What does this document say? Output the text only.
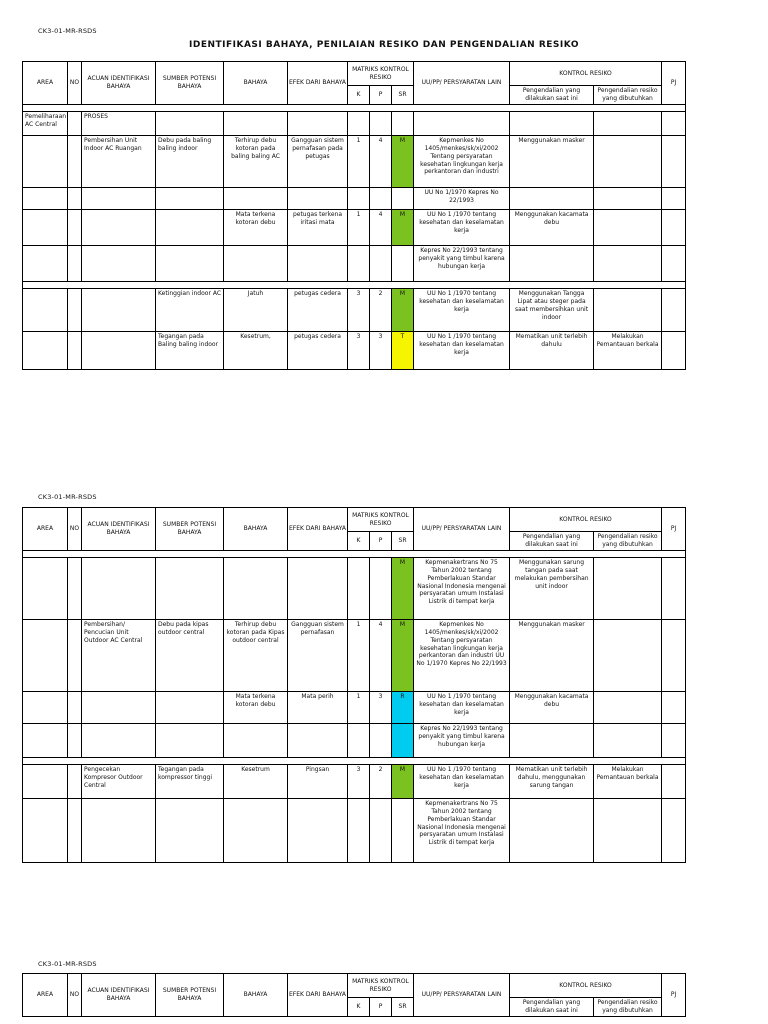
CK3-01-MR-RSDS
IDENTIFIKASI BAHAYA, PENILAIAN RESIKO DAN PENGENDALIAN RESIKO
AREA	NO	ACUAN IDENTIFIKASI BAHAYA	SUMBER POTENSI BAHAYA	BAHAYA	EFEK DARI BAHAYA	MATRIKS KONTROL RESIKO			UU/PP/ PERSYARATAN LAIN	KONTROL RESIKO		PJ
						K	P	SR		Pengendalian yang dilakukan saat ini	Pengendalian resiko yang dibutuhkan	

Pemeliharaan AC Central		PROSES										
		Pembersihan Unit Indoor AC Ruangan	Debu pada baling baling indoor	Terhirup debu kotoran pada baling baling AC	Gangguan sistem pernafasan pada petugas	1	4	M	Kepmenkes No 1405/menkes/sk/xi/2002 Tentang persyaratan kesehatan lingkungan kerja perkantoran dan industri	Menggunakan masker		
									UU No 1/1970 Kepres No 22/1993			
				Mata terkena kotoran debu	petugas terkena iritasi mata	1	4	M	UU No 1 /1970 tentang kesehatan dan keselamatan kerja	Menggunakan kacamata debu		
									Kepres No 22/1993 tentang penyakit yang timbul karena hubungan kerja			

			Ketinggian indoor AC	Jatuh	petugas cedera	3	2	M	UU No 1 /1970 tentang kesehatan dan keselamatan kerja	Menggunakan Tangga Lipat atau steger pada saat membersihkan unit indoor		
			Tegangan pada Baling baling indoor	Kesetrum,	petugas cedera	3	3	T	UU No 1 /1970 tentang kesehatan dan keselamatan kerja	Mematikan unit terlebih dahulu	Melakukan Pemantauan berkala	
CK3-01-MR-RSDS
AREA	NO	ACUAN IDENTIFIKASI BAHAYA	SUMBER POTENSI BAHAYA	BAHAYA	EFEK DARI BAHAYA	MATRIKS KONTROL RESIKO			UU/PP/ PERSYARATAN LAIN	KONTROL RESIKO		PJ
						K	P	SR		Pengendalian yang dilakukan saat ini	Pengendalian resiko yang dibutuhkan	

								M	Kepmenakertrans No 75 Tahun 2002 tentang Pemberlakuan Standar Nasional Indonesia mengenai persyaratan umum Instalasi Listrik di tempat kerja	Menggunakan sarung tangan pada saat melakukan pembersihan unit indoor		
		Pembersihan/ Pencucian Unit Outdoor AC Central	Debu pada kipas outdoor central	Terhirup debu kotoran pada Kipas outdoor central	Gangguan sistem pernafasan	1	4	M	Kepmenkes No 1405/menkes/sk/xi/2002 Tentang persyaratan kesehatan lingkungan kerja perkantoran dan industri UU No 1/1970 Kepres No 22/1993	Menggunakan masker		
				Mata terkena kotoran debu	Mata perih	1	3	R	UU No 1 /1970 tentang kesehatan dan keselamatan kerja	Menggunakan kacamata debu		
									Kepres No 22/1993 tentang penyakit yang timbul karena hubungan kerja			

		Pengecekan Kompresor Outdoor Central	Tegangan pada kompressor tinggi	Kesetrum	Pingsan	3	2	M	UU No 1 /1970 tentang kesehatan dan keselamatan kerja	Mematikan unit terlebih dahulu, menggunakan sarung tangan	Melakukan Pemantauan berkala	
									Kepmenakertrans No 75 Tahun 2002 tentang Pemberlakuan Standar Nasional Indonesia mengenai persyaratan umum Instalasi Listrik di tempat kerja			
CK3-01-MR-RSDS
AREA	NO	ACUAN IDENTIFIKASI BAHAYA	SUMBER POTENSI BAHAYA	BAHAYA	EFEK DARI BAHAYA	MATRIKS KONTROL RESIKO			UU/PP/ PERSYARATAN LAIN	KONTROL RESIKO		PJ
						K	P	SR		Pengendalian yang dilakukan saat ini	Pengendalian resiko yang dibutuhkan	
